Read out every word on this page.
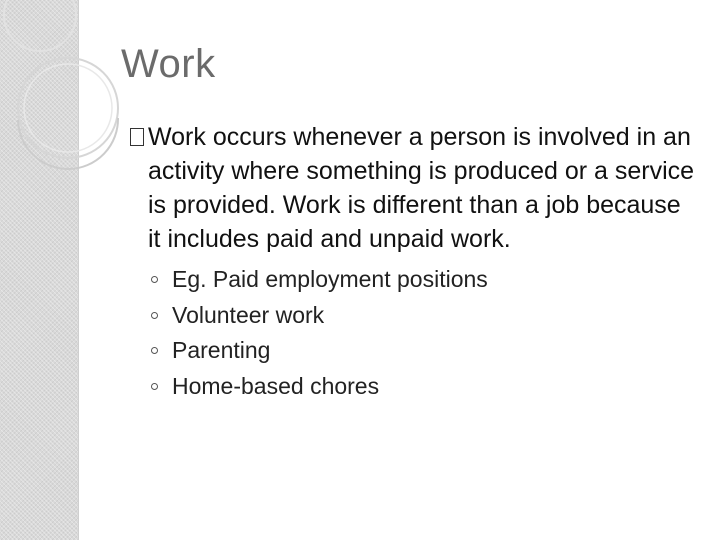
Work
Work occurs whenever a person is involved in an activity where something is produced or a service is provided. Work is different than a job because it includes paid and unpaid work.
Eg. Paid employment positions
Volunteer work
Parenting
Home-based chores
